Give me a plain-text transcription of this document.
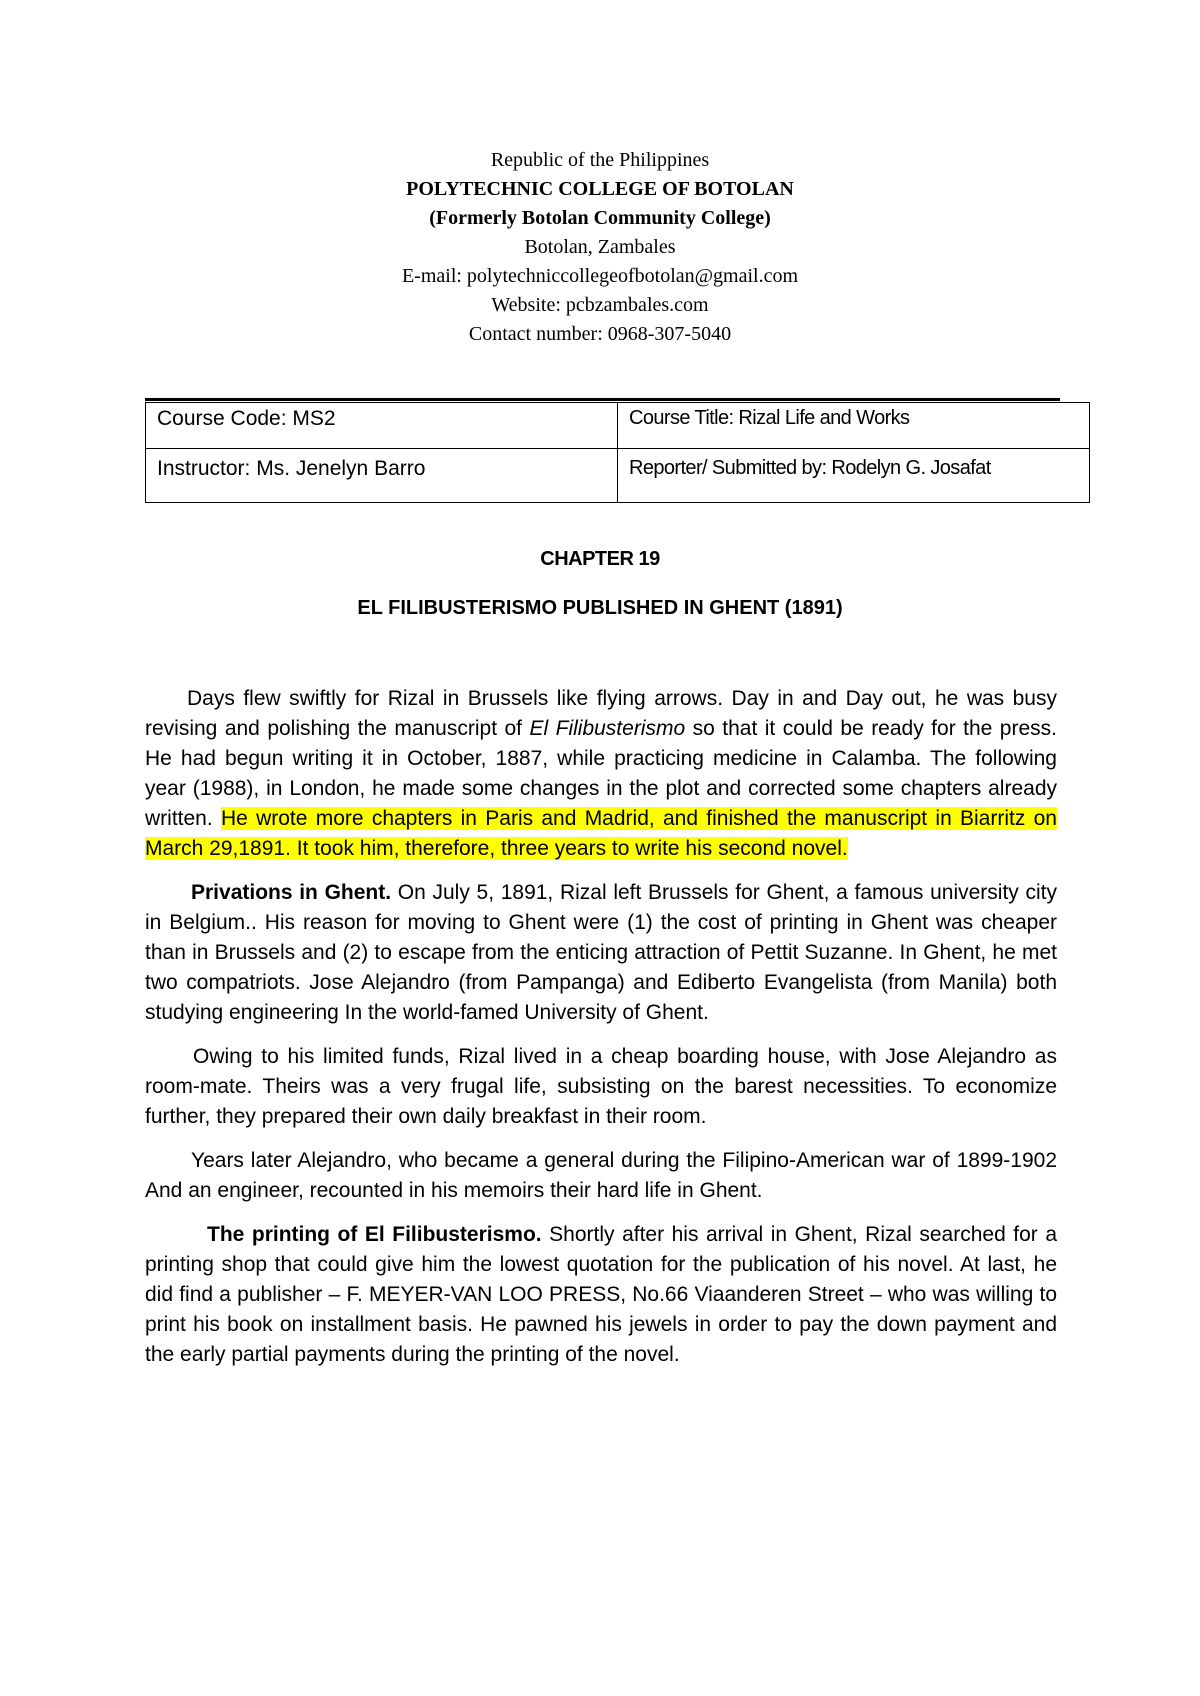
Republic of the Philippines
POLYTECHNIC COLLEGE OF BOTOLAN
(Formerly Botolan Community College)
Botolan, Zambales
E-mail: polytechniccollegeofbotolan@gmail.com
Website: pcbzambales.com
Contact number: 0968-307-5040
Course Code: MS2	Course Title: Rizal Life and Works
Instructor: Ms. Jenelyn Barro	Reporter/ Submitted by: Rodelyn G. Josafat
CHAPTER 19
EL FILIBUSTERISMO PUBLISHED IN GHENT (1891)

Days flew swiftly for Rizal in Brussels like flying arrows. Day in and Day out, he was busy revising and polishing the manuscript of El Filibusterismo so that it could be ready for the press. He had begun writing it in October, 1887, while practicing medicine in Calamba. The following year (1988), in London, he made some changes in the plot and corrected some chapters already written. He wrote more chapters in Paris and Madrid, and finished the manuscript in Biarritz on March 29,1891. It took him, therefore, three years to write his second novel.

Privations in Ghent. On July 5, 1891, Rizal left Brussels for Ghent, a famous university city in Belgium.. His reason for moving to Ghent were (1) the cost of printing in Ghent was cheaper than in Brussels and (2) to escape from the enticing attraction of Pettit Suzanne. In Ghent, he met two compatriots. Jose Alejandro (from Pampanga) and Ediberto Evangelista (from Manila) both studying engineering In the world-famed University of Ghent.

Owing to his limited funds, Rizal lived in a cheap boarding house, with Jose Alejandro as room-mate. Theirs was a very frugal life, subsisting on the barest necessities. To economize further, they prepared their own daily breakfast in their room.

Years later Alejandro, who became a general during the Filipino-American war of 1899-1902 And an engineer, recounted in his memoirs their hard life in Ghent.

The printing of El Filibusterismo. Shortly after his arrival in Ghent, Rizal searched for a printing shop that could give him the lowest quotation for the publication of his novel. At last, he did find a publisher – F. MEYER-VAN LOO PRESS, No.66 Viaanderen Street – who was willing to print his book on installment basis. He pawned his jewels in order to pay the down payment and the early partial payments during the printing of the novel.
